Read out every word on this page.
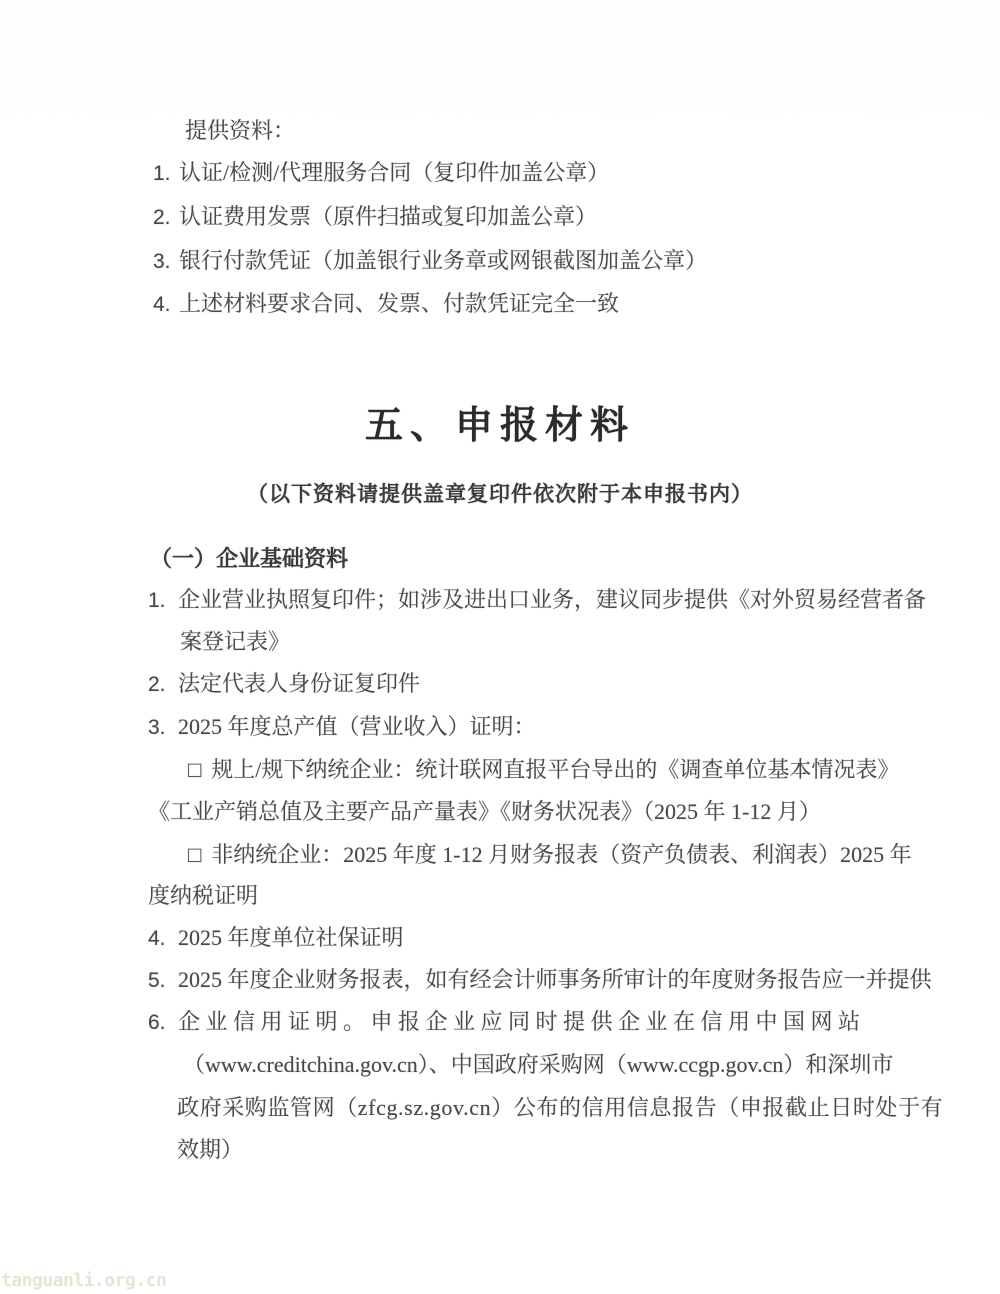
提供资料：
1. 认证/检测/代理服务合同（复印件加盖公章）
2. 认证费用发票（原件扫描或复印加盖公章）
3. 银行付款凭证（加盖银行业务章或网银截图加盖公章）
4. 上述材料要求合同、发票、付款凭证完全一致
五、申报材料
（以下资料请提供盖章复印件依次附于本申报书内）
（一）企业基础资料
1. 企业营业执照复印件；如涉及进出口业务，建议同步提供《对外贸易经营者备
案登记表》
2. 法定代表人身份证复印件
3. 2025 年度总产值（营业收入）证明：
□ 规上/规下纳统企业：统计联网直报平台导出的《调查单位基本情况表》
《工业产销总值及主要产品产量表》《财务状况表》（2025 年 1-12 月）
□ 非纳统企业：2025 年度 1-12 月财务报表（资产负债表、利润表）2025 年
度纳税证明
4. 2025 年度单位社保证明
5. 2025 年度企业财务报表，如有经会计师事务所审计的年度财务报告应一并提供
6. 企业信用证明。申报企业应同时提供企业在信用中国网站
（www.creditchina.gov.cn）、中国政府采购网（www.ccgp.gov.cn）和深圳市
政府采购监管网（zfcg.sz.gov.cn）公布的信用信息报告（申报截止日时处于有
效期）
tanguanli.org.cn
